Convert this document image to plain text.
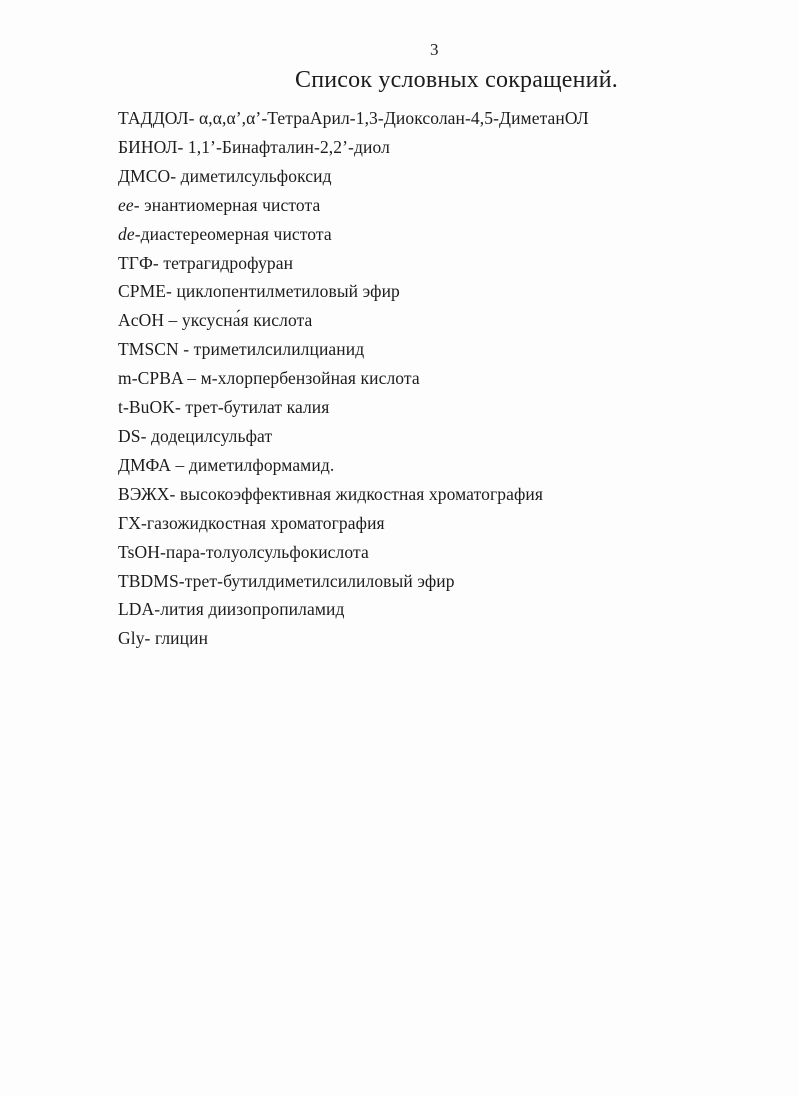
3
Список условных сокращений.
ТАДДОЛ- α,α,α’,α’-ТетраАрил-1,3-Диоксолан-4,5-ДиметанОЛ
БИНОЛ- 1,1’-Бинафталин-2,2’-диол
ДМСО- диметилсульфоксид
ee- энантиомерная чистота
de-диастереомерная чистота
ТГФ- тетрагидрофуран
CPME- циклопентилметиловый эфир
AcOH – уксусна́я кислота
TMSCN - триметилсилилцианид
m-CPBA – м-хлорпербензойная кислота
t-BuOK- трет-бутилат калия
DS- додецилсульфат
ДМФА – диметилформамид.
ВЭЖХ- высокоэффективная жидкостная хроматография
ГХ-газожидкостная хроматография
TsOH-пара-толуолсульфокислота
TBDMS-трет-бутилдиметилсилиловый эфир
LDA-лития диизопропиламид
Gly- глицин
